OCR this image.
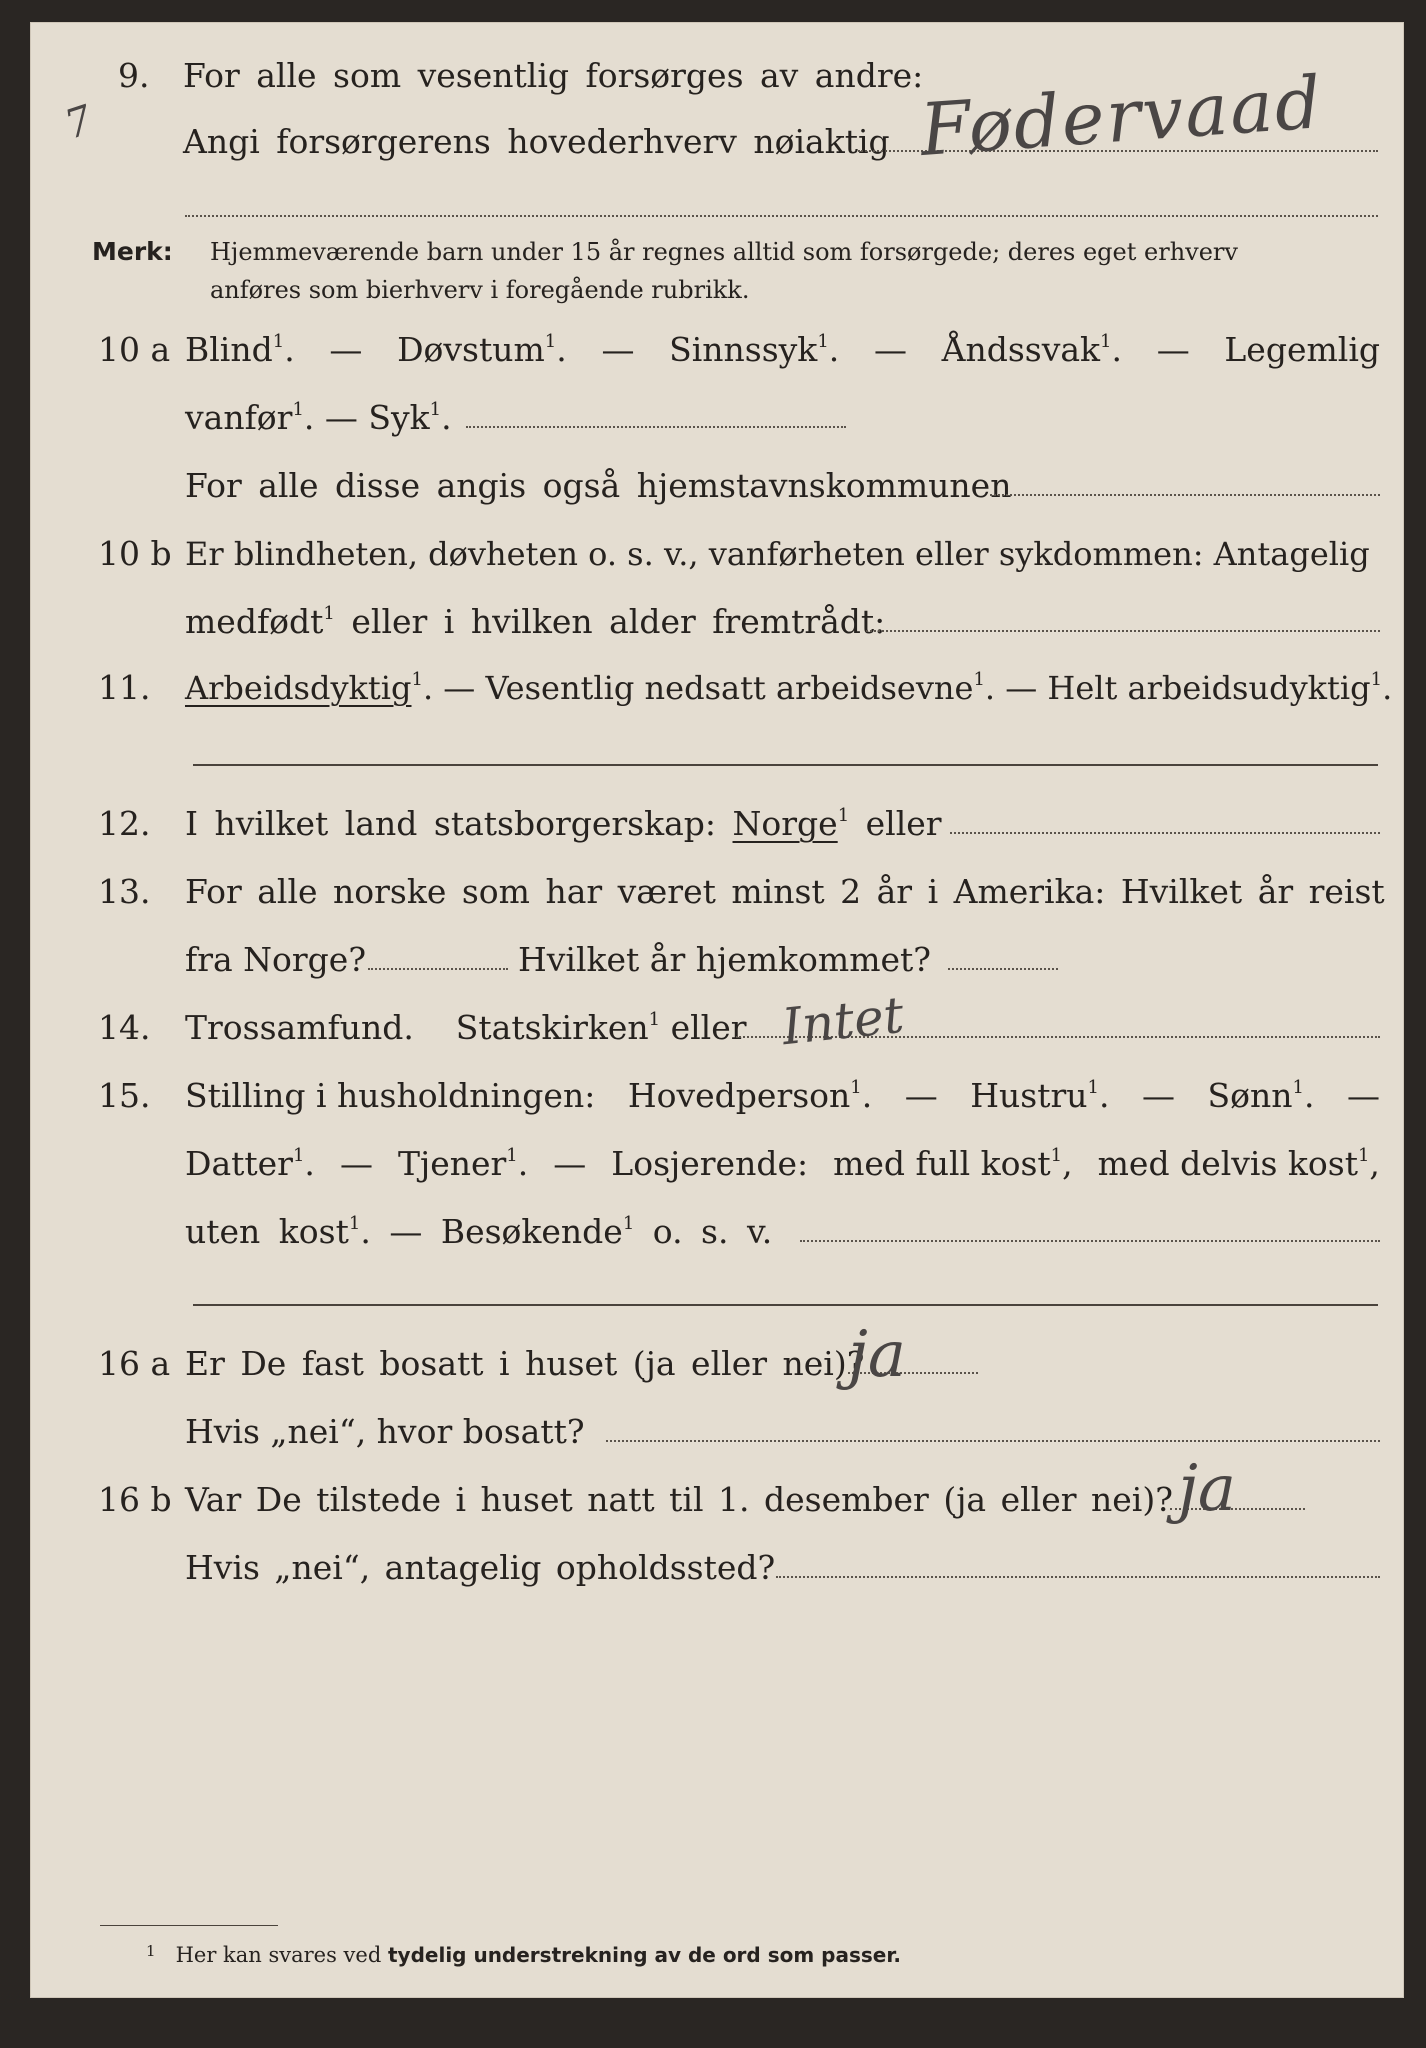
7
9. For alle som vesentlig forsørges av andre:
Angi forsørgerens hovederhverv nøiaktig Fødervaad
Merk: Hjemmeværende barn under 15 år regnes alltid som forsørgede; deres eget erhverv
anføres som bierhverv i foregående rubrikk.
10 a Blind$^1$. — Døvstum$^1$. — Sinnssyk$^1$. — Åndssvak$^1$. — Legemlig
vanfør$^1$. — Syk$^1$.
For alle disse angis også hjemstavnskommunen
10 b Er blindheten, døvheten o. s. v., vanførheten eller sykdommen: Antagelig
medfødt$^1$ eller i hvilken alder fremtrådt:
11. Arbeidsdyktig$^1$. — Vesentlig nedsatt arbeidsevne$^1$. — Helt arbeidsudyktig$^1$.
12. I hvilket land statsborgerskap: Norge$^1$ eller
13. For alle norske som har været minst 2 år i Amerika: Hvilket år reist
fra Norge?	Hvilket år hjemkommet?
14. Trossamfund. Statskirken$^1$ eller Intet
15. Stilling i husholdningen: Hovedperson$^1$. — Hustru$^1$. — Sønn$^1$. —
Datter$^1$. — Tjener$^1$. — Losjerende: med full kost$^1$, med delvis kost$^1$,
uten kost$^1$. — Besøkende$^1$ o. s. v.
16 a Er De fast bosatt i huset (ja eller nei)?
ja
Hvis „nei“, hvor bosatt?
16 b Var De tilstede i huset natt til 1. desember (ja eller nei)? ja
Hvis „nei“, antagelig opholdssted?
$^1$ Her kan svares ved tydelig understrekning av de ord som passer.
